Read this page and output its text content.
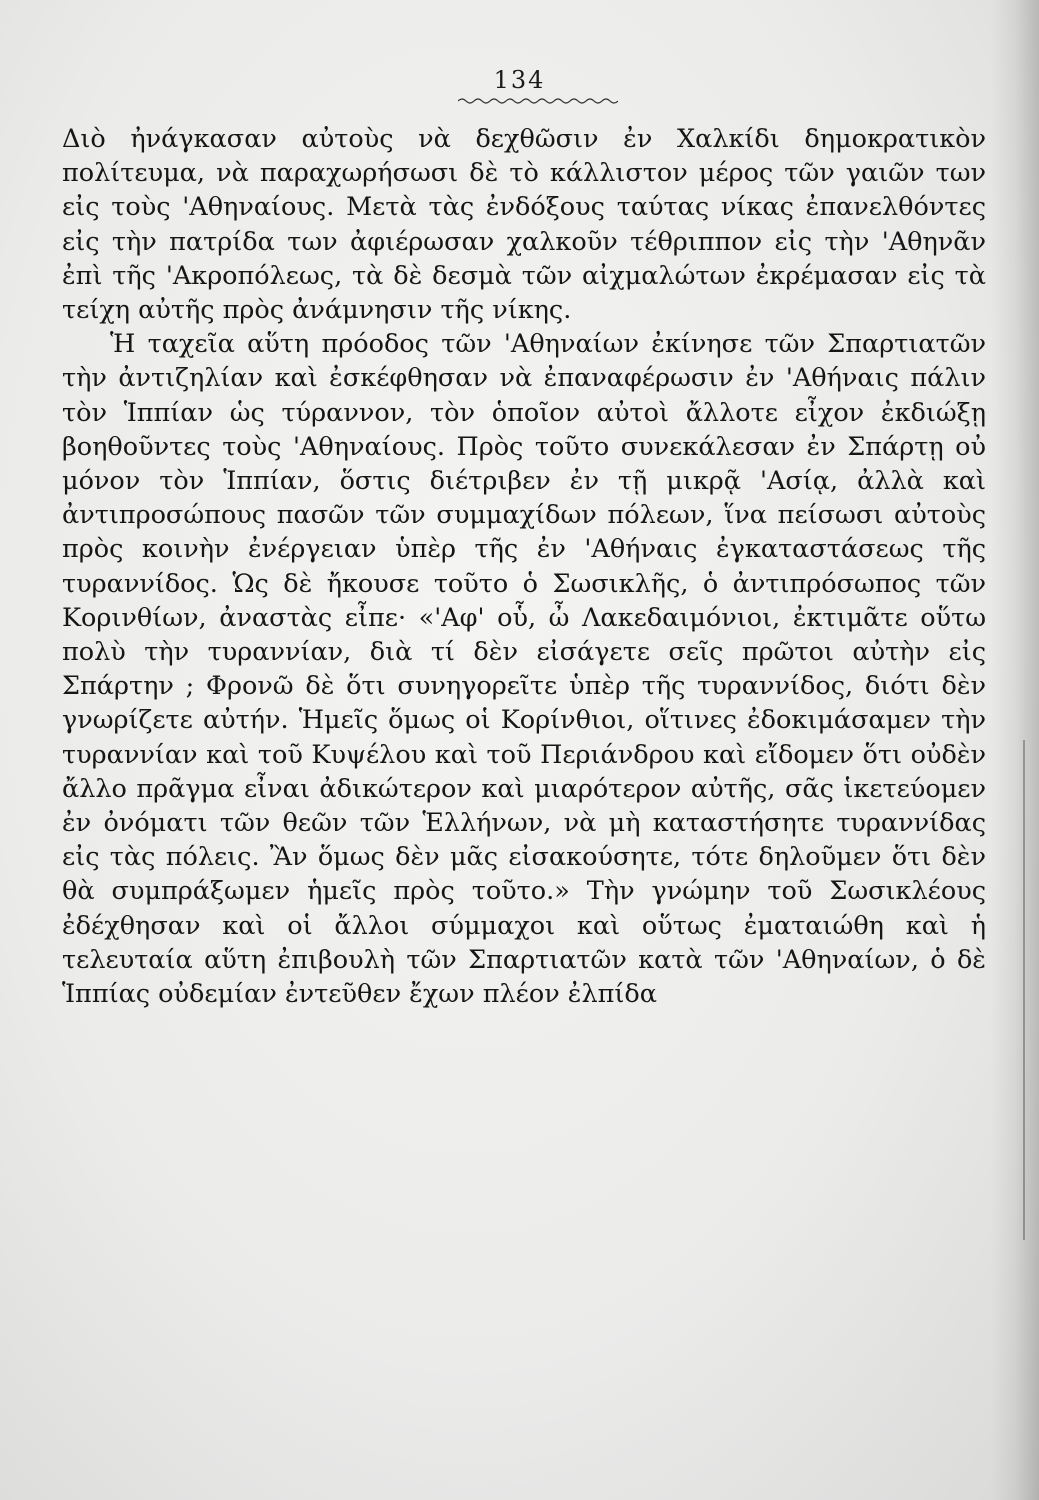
134

Διὸ ἠνάγκασαν αὐτοὺς νὰ δεχθῶσιν ἐν Χαλκίδι δημοκρατικὸν πολίτευμα, νὰ παραχωρήσωσι δὲ τὸ κάλλιστον μέρος τῶν γαιῶν των εἰς τοὺς 'Αθηναίους. Μετὰ τὰς ἐνδόξους ταύτας νίκας ἐπανελθόντες εἰς τὴν πατρίδα των ἀφιέρωσαν χαλκοῦν τέθριππον εἰς τὴν 'Αθηνᾶν ἐπὶ τῆς 'Ακροπόλεως, τὰ δὲ δεσμὰ τῶν αἰχμαλώτων ἐκρέμασαν εἰς τὰ τείχη αὐτῆς πρὸς ἀνάμνησιν τῆς νίκης.

Ἡ ταχεῖα αὕτη πρόοδος τῶν 'Αθηναίων ἐκίνησε τῶν Σπαρτιατῶν τὴν ἀντιζηλίαν καὶ ἐσκέφθησαν νὰ ἐπαναφέρωσιν ἐν 'Αθήναις πάλιν τὸν Ἱππίαν ὡς τύραννον, τὸν ὁποῖον αὐτοὶ ἄλλοτε εἶχον ἐκδιώξῃ βοηθοῦντες τοὺς 'Αθηναίους. Πρὸς τοῦτο συνεκάλεσαν ἐν Σπάρτῃ οὐ μόνον τὸν Ἱππίαν, ὅστις διέτριβεν ἐν τῇ μικρᾷ 'Ασίᾳ, ἀλλὰ καὶ ἀντιπροσώπους πασῶν τῶν συμμαχίδων πόλεων, ἵνα πείσωσι αὐτοὺς πρὸς κοινὴν ἐνέργειαν ὑπὲρ τῆς ἐν 'Αθήναις ἐγκαταστάσεως τῆς τυραννίδος. Ὡς δὲ ἤκουσε τοῦτο ὁ Σωσικλῆς, ὁ ἀντιπρόσωπος τῶν Κορινθίων, ἀναστὰς εἶπε· «'Αφ' οὗ, ὦ Λακεδαιμόνιοι, ἐκτιμᾶτε οὕτω πολὺ τὴν τυραννίαν, διὰ τί δὲν εἰσάγετε σεῖς πρῶτοι αὐτὴν εἰς Σπάρτην ; Φρονῶ δὲ ὅτι συνηγορεῖτε ὑπὲρ τῆς τυραννίδος, διότι δὲν γνωρίζετε αὐτήν. Ἡμεῖς ὅμως οἱ Κορίνθιοι, οἵτινες ἐδοκιμάσαμεν τὴν τυραννίαν καὶ τοῦ Κυψέλου καὶ τοῦ Περιάνδρου καὶ εἴδομεν ὅτι οὐδὲν ἄλλο πρᾶγμα εἶναι ἀδικώτερον καὶ μιαρότερον αὐτῆς, σᾶς ἱκετεύομεν ἐν ὀνόματι τῶν θεῶν τῶν Ἑλλήνων, νὰ μὴ καταστήσητε τυραννίδας εἰς τὰς πόλεις. Ἂν ὅμως δὲν μᾶς εἰσακούσητε, τότε δηλοῦμεν ὅτι δὲν θὰ συμπράξωμεν ἡμεῖς πρὸς τοῦτο.» Τὴν γνώμην τοῦ Σωσικλέους ἐδέχθησαν καὶ οἱ ἄλλοι σύμμαχοι καὶ οὕτως ἐματαιώθη καὶ ἡ τελευταία αὕτη ἐπιβουλὴ τῶν Σπαρτιατῶν κατὰ τῶν 'Αθηναίων, ὁ δὲ Ἱππίας οὐδεμίαν ἐντεῦθεν ἔχων πλέον ἐλπίδα
